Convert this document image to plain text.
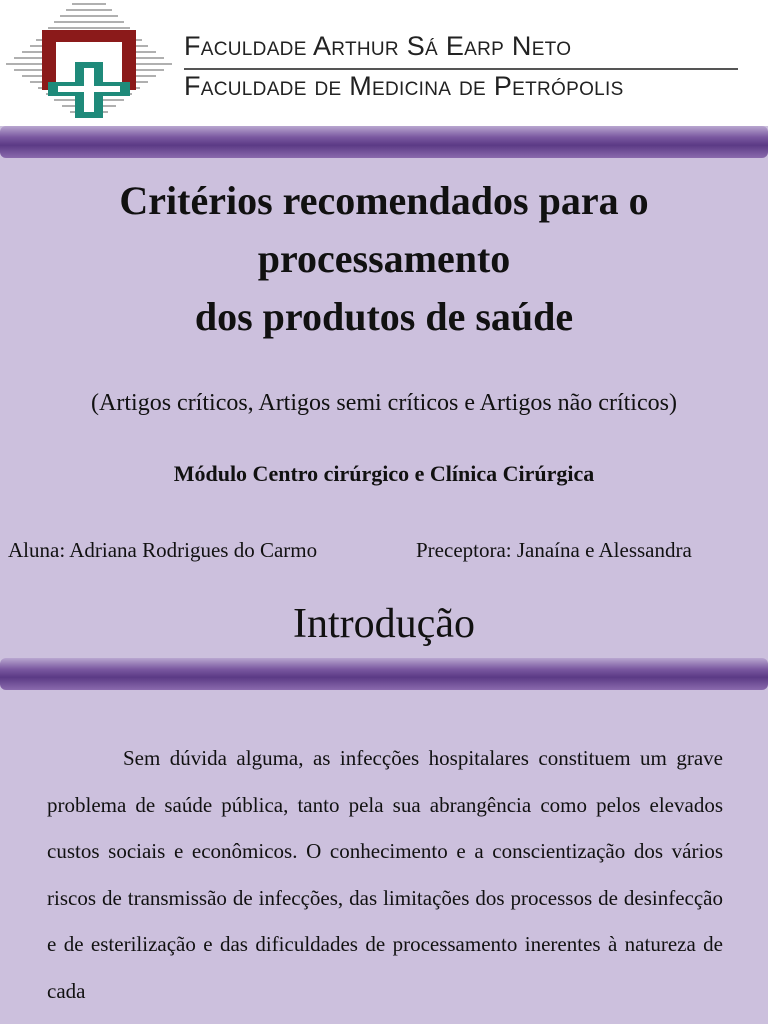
Faculdade Arthur Sá Earp Neto
Faculdade de Medicina de Petrópolis
Critérios recomendados para o
processamento
dos produtos de saúde
(Artigos críticos, Artigos semi críticos e Artigos não críticos)
Módulo Centro cirúrgico e Clínica Cirúrgica
Aluna: Adriana Rodrigues do Carmo	Preceptora: Janaína e Alessandra
Introdução

Sem dúvida alguma, as infecções hospitalares constituem um grave problema de saúde pública, tanto pela sua abrangência como pelos elevados custos sociais e econômicos. O conhecimento e a conscientização dos vários riscos de transmissão de infecções, das limitações dos processos de desinfecção e de esterilização e das dificuldades de processamento inerentes à natureza de cada
